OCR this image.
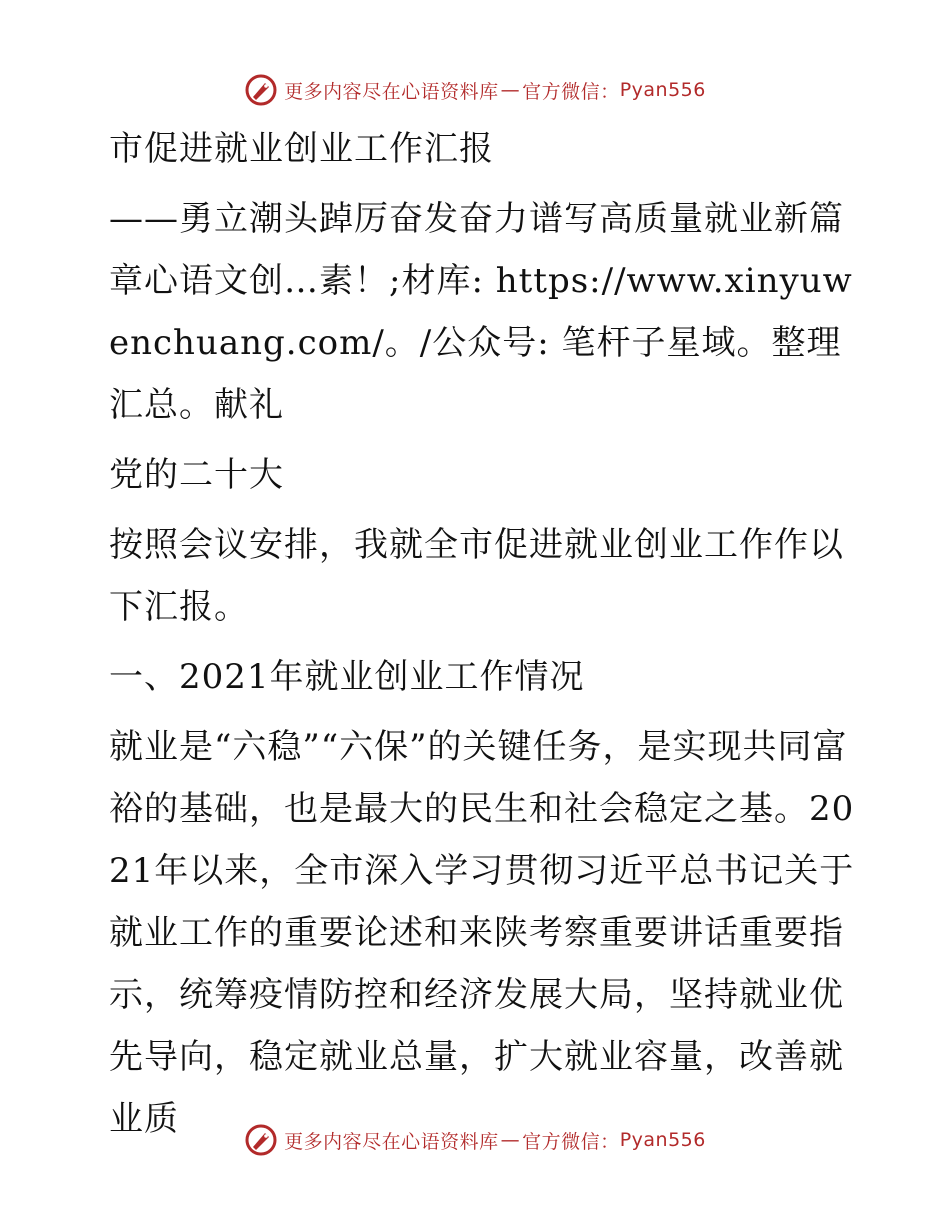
更多内容尽在心语资料库 — 官方微信： Pyan556

市促进就业创业工作汇报

——勇立潮头踔厉奋发奋力谱写高质量就业新篇章心语文创…素！;材库: https://www.xinyuwenchuang.com/。/公众号: 笔杆子星域。整理汇总。献礼

党的二十大

按照会议安排，我就全市促进就业创业工作作以下汇报。

一、2021年就业创业工作情况

就业是“六稳”“六保”的关键任务，是实现共同富裕的基础，也是最大的民生和社会稳定之基。2021年以来，全市深入学习贯彻习近平总书记关于就业工作的重要论述和来陕考察重要讲话重要指示，统筹疫情防控和经济发展大局，坚持就业优先导向，稳定就业总量，扩大就业容量，改善就业质

更多内容尽在心语资料库 — 官方微信： Pyan556
